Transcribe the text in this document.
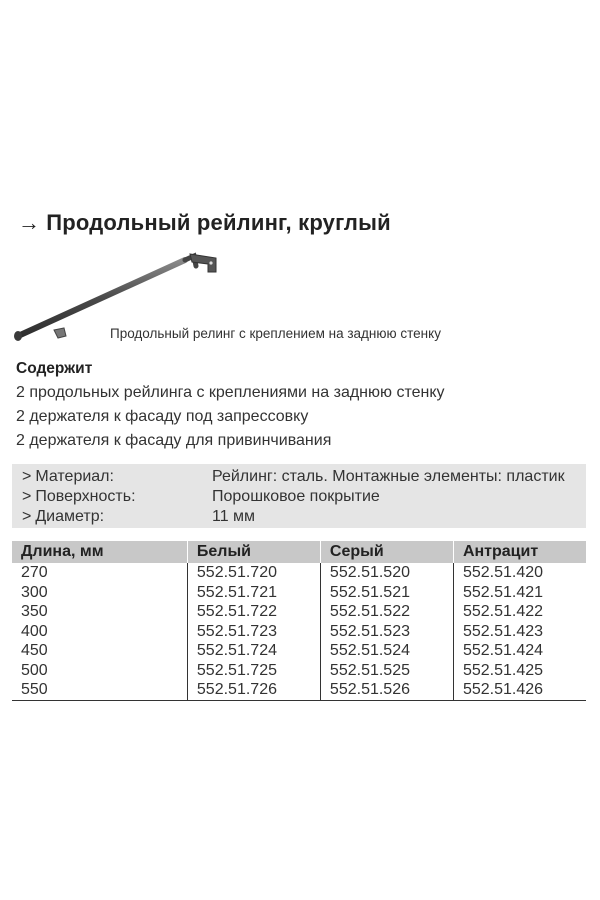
→ Продольный рейлинг, круглый
Продольный релинг с креплением на заднюю стенку
Содержит
2 продольных рейлинга с креплениями на заднюю стенку
2 держателя к фасаду под запрессовку
2 держателя к фасаду для привинчивания
> Материал:	Рейлинг: сталь. Монтажные элементы: пластик
> Поверхность:	Порошковое покрытие
> Диаметр:	11 мм
Длина, мм	Белый	Серый	Антрацит
270	552.51.720	552.51.520	552.51.420
300	552.51.721	552.51.521	552.51.421
350	552.51.722	552.51.522	552.51.422
400	552.51.723	552.51.523	552.51.423
450	552.51.724	552.51.524	552.51.424
500	552.51.725	552.51.525	552.51.425
550	552.51.726	552.51.526	552.51.426
